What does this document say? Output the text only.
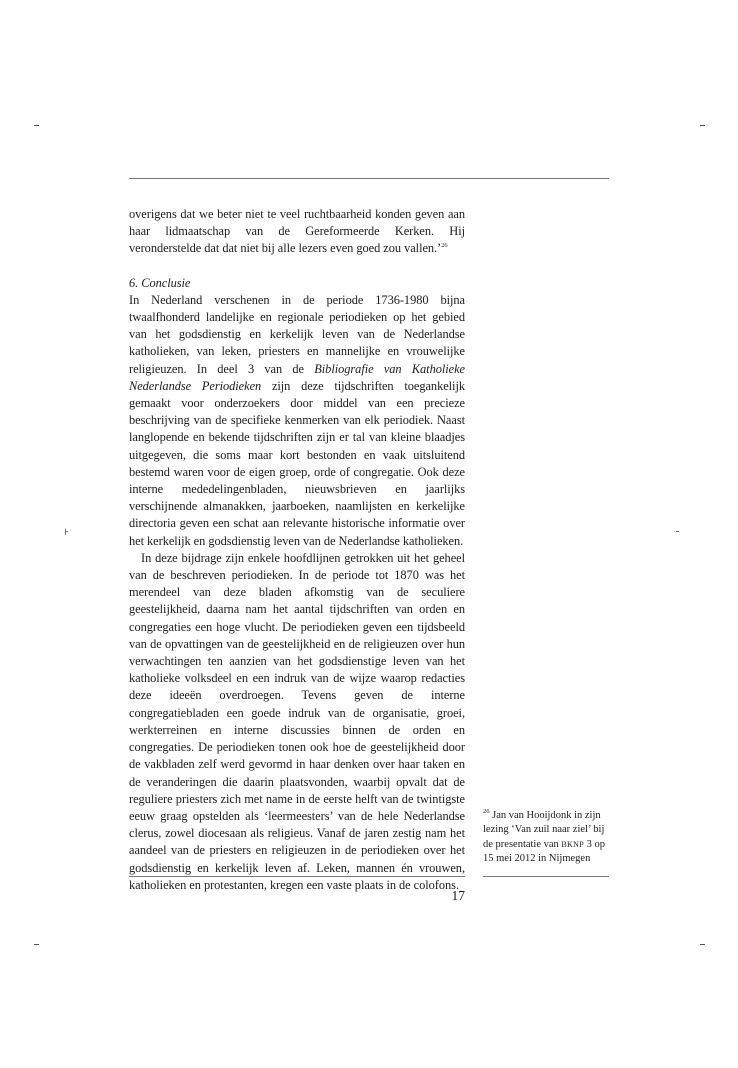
⊦

overigens dat we beter niet te veel ruchtbaarheid konden geven aan haar lidmaatschap van de Gereformeerde Kerken. Hij veronderstelde dat dat niet bij alle lezers even goed zou vallen.’$^{26}$

6. Conclusie

In Nederland verschenen in de periode 1736-1980 bijna twaalfhonderd landelijke en regionale periodieken op het gebied van het godsdienstig en kerkelijk leven van de Nederlandse katholieken, van leken, priesters en mannelijke en vrouwelijke religieuzen. In deel 3 van de Bibliografie van Katholieke Nederlandse Periodieken zijn deze tijdschriften toegankelijk gemaakt voor onderzoekers door middel van een precieze beschrijving van de specifieke kenmerken van elk periodiek. Naast langlopende en bekende tijdschriften zijn er tal van kleine blaadjes uitgegeven, die soms maar kort bestonden en vaak uitsluitend bestemd waren voor de eigen groep, orde of congregatie. Ook deze interne mededelingenbladen, nieuwsbrieven en jaarlijks verschijnende almanakken, jaarboeken, naamlijsten en kerkelijke directoria geven een schat aan relevante historische informatie over het kerkelijk en godsdienstig leven van de Nederlandse katholieken.

In deze bijdrage zijn enkele hoofdlijnen getrokken uit het geheel van de beschreven periodieken. In de periode tot 1870 was het merendeel van deze bladen afkomstig van de seculiere geestelijkheid, daarna nam het aantal tijdschriften van orden en congregaties een hoge vlucht. De periodieken geven een tijdsbeeld van de opvattingen van de geestelijkheid en de religieuzen over hun verwachtingen ten aanzien van het godsdienstige leven van het katholieke volksdeel en een indruk van de wijze waarop redacties deze ideeën overdroegen. Tevens geven de interne congregatiebladen een goede indruk van de organisatie, groei, werkterreinen en interne discussies binnen de orden en congregaties. De periodieken tonen ook hoe de geestelijkheid door de vakbladen zelf werd gevormd in haar denken over haar taken en de veranderingen die daarin plaatsvonden, waarbij opvalt dat de reguliere priesters zich met name in de eerste helft van de twintigste eeuw graag opstelden als ‘leermeesters’ van de hele Nederlandse clerus, zowel diocesaan als religieus. Vanaf de jaren zestig nam het aandeel van de priesters en religieuzen in de periodieken over het godsdienstig en kerkelijk leven af. Leken, mannen én vrouwen, katholieken en protestanten, kregen een vaste plaats in de colofons.

$^{26}$ Jan van Hooijdonk in zijn lezing ‘Van zuil naar ziel’ bij de presentatie van BKNP 3 op 15 mei 2012 in Nijmegen
17
